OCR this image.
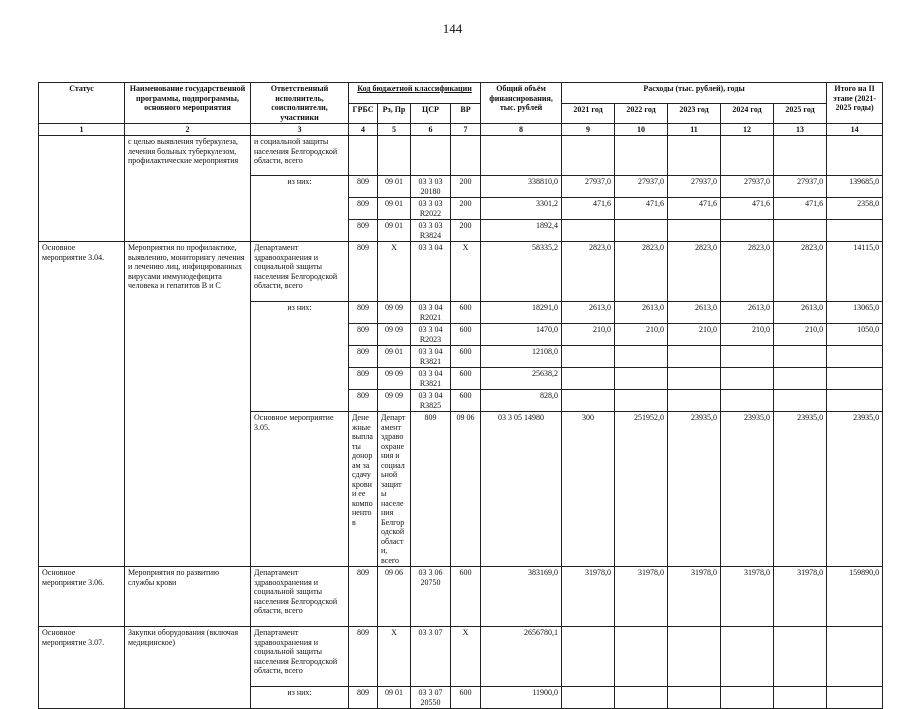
144
Статус	Наименование государственной программы, подпрограммы, основного мероприятия	Ответственный исполнитель, соисполнители, участники	Код бюджетной классификации				Общий объём финансирования, тыс. рублей	Расходы (тыс. рублей), годы					Итого на II этапе (2021-2025 годы)	
			ГРБС	Рз, Пр	ЦСР	ВР		2021 год	2022 год	2023 год	2024 год	2025 год		
1	2	3	4	5	6	7	8	9	10	11	12	13	14	
	с целью выявления туберкулеза, лечения больных туберкулезом, профилактические мероприятия	и социальной защиты населения Белгородской области, всего												
		из них:	809	09 01	03 3 03 20180	200	338810,0	27937,0	27937,0	27937,0	27937,0	27937,0	139685,0	
			809	09 01	03 3 03 R2022	200	3301,2	471,6	471,6	471,6	471,6	471,6	2358,0	
			809	09 01	03 3 03 R3824	200	1892,4							
Основное мероприятие 3.04.	Мероприятия по профилактике, выявлению, мониторингу лечения и лечению лиц, инфицированных вирусами иммунодефицита человека и гепатитов B и C	Департамент здравоохранения и социальной защиты населения Белгородской области, всего	809	X	03 3 04	X	58335,2	2823,0	2823,0	2823,0	2823,0	2823,0	14115,0	
		из них:	809	09 09	03 3 04 R2021	600	18291,0	2613,0	2613,0	2613,0	2613,0	2613,0	13065,0	
			809	09 09	03 3 04 R2023	600	1470,0	210,0	210,0	210,0	210,0	210,0	1050,0	
			809	09 01	03 3 04 R3821	600	12108,0							
			809	09 09	03 3 04 R3821	600	25638,2							
			809	09 09	03 3 04 R3825	600	828,0							
		Основное мероприятие 3.05.	Денежные выплаты донорам за сдачу крови и ее компонентов	Департамент здравоохранения и социальной защиты населения Белгородской области, всего	809	09 06	03 3 05 14980	300	251952,0	23935,0	23935,0	23935,0	23935,0		
Основное мероприятие 3.06.	Мероприятия по развитию службы крови	Департамент здравоохранения и социальной защиты населения Белгородской области, всего	809	09 06	03 3 06 20750	600	383169,0	31978,0	31978,0	31978,0	31978,0	31978,0	159890,0	
Основное мероприятие 3.07.	Закупки оборудования (включая медицинское)	Департамент здравоохранения и социальной защиты населения Белгородской области, всего	809	X	03 3 07	X	2656780,1							
		из них:	809	09 01	03 3 07 20550	600	11900,0							
